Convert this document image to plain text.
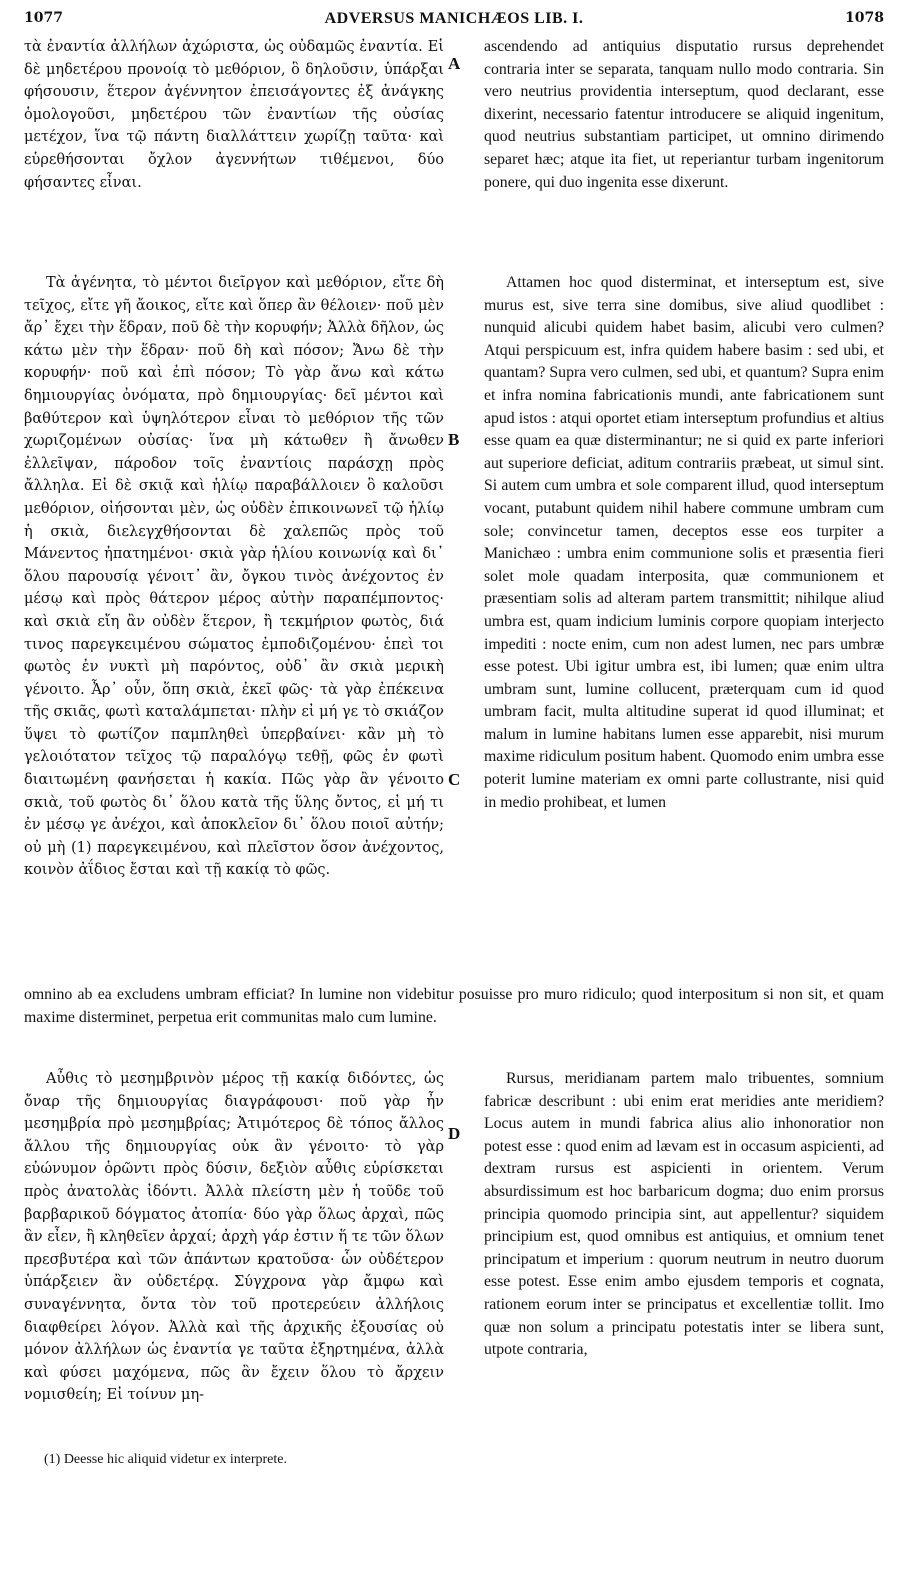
1077	ADVERSUS MANICHÆOS LIB. I.	1078

τὰ ἐναντία ἀλλήλων ἀχώριστα, ὡς οὐδαμῶς ἐναντία. Εἰ δὲ μηδετέρου προνοίᾳ τὸ μεθόριον, ὃ δηλοῦσιν, ὑπάρξαι φήσουσιν, ἕτερον ἀγέννητον ἐπεισάγοντες ἐξ ἀνάγκης ὁμολογοῦσι, μηδετέρου τῶν ἐναντίων τῆς οὐσίας μετέχον, ἵνα τῷ πάντη διαλλάττειν χωρίζῃ ταῦτα· καὶ εὑρεθήσονται ὄχλον ἀγεννήτων τιθέμενοι, δύο φήσαντες εἶναι.

ascendendo ad antiquius disputatio rursus deprehendet contraria inter se separata, tanquam nullo modo contraria. Sin vero neutrius providentia interseptum, quod declarant, esse dixerint, necessario fatentur introducere se aliquid ingenitum, quod neutrius substantiam participet, ut omnino dirimendo separet hæc; atque ita fiet, ut reperiantur turbam ingenitorum ponere, qui duo ingenita esse dixerunt.

Τὰ ἀγένητα, τὸ μέντοι διεῖργον καὶ μεθόριον, εἴτε δὴ τεῖχος, εἴτε γῆ ἄοικος, εἴτε καὶ ὅπερ ἂν θέλοιεν· ποῦ μὲν ἄρ᾽ ἔχει τὴν ἕδραν, ποῦ δὲ τὴν κορυφήν; Ἀλλὰ δῆλον, ὡς κάτω μὲν τὴν ἕδραν· ποῦ δὴ καὶ πόσον; Ἄνω δὲ τὴν κορυφήν· ποῦ καὶ ἐπὶ πόσον; Τὸ γὰρ ἄνω καὶ κάτω δημιουργίας ὀνόματα, πρὸ δημιουργίας· δεῖ μέντοι καὶ βαθύτερον καὶ ὑψηλότερον εἶναι τὸ μεθόριον τῆς τῶν χωριζομένων οὐσίας· ἵνα μὴ κάτωθεν ἢ ἄνωθεν ἐλλεῖψαν, πάροδον τοῖς ἐναντίοις παράσχῃ πρὸς ἄλληλα. Εἰ δὲ σκιᾷ καὶ ἡλίῳ παραβάλλοιεν ὃ καλοῦσι μεθόριον, οἰήσονται μὲν, ὡς οὐδὲν ἐπικοινωνεῖ τῷ ἡλίῳ ἡ σκιὰ, διελεγχθήσονται δὲ χαλεπῶς πρὸς τοῦ Μάνεντος ἠπατημένοι· σκιὰ γὰρ ἡλίου κοινωνίᾳ καὶ δι᾽ ὅλου παρουσίᾳ γένοιτ᾽ ἂν, ὄγκου τινὸς ἀνέχοντος ἐν μέσῳ καὶ πρὸς θάτερον μέρος αὐτὴν παραπέμποντος· καὶ σκιὰ εἴη ἂν οὐδὲν ἕτερον, ἢ τεκμήριον φωτὸς, διά τινος παρεγκειμένου σώματος ἐμποδιζομένου· ἐπεὶ τοι φωτὸς ἐν νυκτὶ μὴ παρόντος, οὐδ᾽ ἂν σκιὰ μερικὴ γένοιτο. Ἆρ᾽ οὖν, ὅπη σκιὰ, ἐκεῖ φῶς· τὰ γὰρ ἐπέκεινα τῆς σκιᾶς, φωτὶ καταλάμπεται· πλὴν εἰ μή γε τὸ σκιάζον ὕψει τὸ φωτίζον παμπληθεὶ ὑπερβαίνει· κἂν μὴ τὸ γελοιότατον τεῖχος τῷ παραλόγῳ τεθῇ, φῶς ἐν φωτὶ διαιτωμένη φανήσεται ἡ κακία. Πῶς γὰρ ἂν γένοιτο σκιὰ, τοῦ φωτὸς δι᾽ ὅλου κατὰ τῆς ὕλης ὄντος, εἰ μή τι ἐν μέσῳ γε ἀνέχοι, καὶ ἀποκλεῖον δι᾽ ὅλου ποιοῖ αὐτήν; οὐ μὴ (1) παρεγκειμένου, καὶ πλεῖστον ὅσον ἀνέχοντος, κοινὸν ἀΐδιος ἔσται καὶ τῇ κακίᾳ τὸ φῶς.

Attamen hoc quod disterminat, et interseptum est, sive murus est, sive terra sine domibus, sive aliud quodlibet : nunquid alicubi quidem habet basim, alicubi vero culmen? Atqui perspicuum est, infra quidem habere basim : sed ubi, et quantam? Supra vero culmen, sed ubi, et quantum? Supra enim et infra nomina fabricationis mundi, ante fabricationem sunt apud istos : atqui oportet etiam interseptum profundius et altius esse quam ea quæ disterminantur; ne si quid ex parte inferiori aut superiore deficiat, aditum contrariis præbeat, ut simul sint. Si autem cum umbra et sole comparent illud, quod interseptum vocant, putabunt quidem nihil habere commune umbram cum sole; convincetur tamen, deceptos esse eos turpiter a Manichæo : umbra enim communione solis et præsentia fieri solet mole quadam interposita, quæ communionem et præsentiam solis ad alteram partem transmittit; nihilque aliud umbra est, quam indicium luminis corpore quopiam interjecto impediti : nocte enim, cum non adest lumen, nec pars umbræ esse potest. Ubi igitur umbra est, ibi lumen; quæ enim ultra umbram sunt, lumine collucent, præterquam cum id quod umbram facit, multa altitudine superat id quod illuminat; et malum in lumine habitans lumen esse apparebit, nisi murum maxime ridiculum positum habent. Quomodo enim umbra esse poterit lumine materiam ex omni parte collustrante, nisi quid in medio prohibeat, et lumen

omnino ab ea excludens umbram efficiat? In lumine non videbitur posuisse pro muro ridiculo; quod interpositum si non sit, et quam maxime disterminet, perpetua erit communitas malo cum lumine.

Αὖθις τὸ μεσημβρινὸν μέρος τῇ κακίᾳ διδόντες, ὡς ὄναρ τῆς δημιουργίας διαγράφουσι· ποῦ γὰρ ἦν μεσημβρία πρὸ μεσημβρίας; Ἀτιμότερος δὲ τόπος ἄλλος ἄλλου τῆς δημιουργίας οὐκ ἂν γένοιτο· τὸ γὰρ εὐώνυμον ὁρῶντι πρὸς δύσιν, δεξιὸν αὖθις εὑρίσκεται πρὸς ἀνατολὰς ἰδόντι. Ἀλλὰ πλείστη μὲν ἡ τοῦδε τοῦ βαρβαρικοῦ δόγματος ἀτοπία· δύο γὰρ ὅλως ἀρχαὶ, πῶς ἂν εἶεν, ἢ κληθεῖεν ἀρχαί; ἀρχὴ γάρ ἐστιν ἥ τε τῶν ὅλων πρεσβυτέρα καὶ τῶν ἁπάντων κρατοῦσα· ὧν οὐδέτερον ὑπάρξειεν ἂν οὐδετέρᾳ. Σύγχρονα γὰρ ἄμφω καὶ συναγέννητα, ὄντα τὸν τοῦ προτερεύειν ἀλλήλοις διαφθείρει λόγον. Ἀλλὰ καὶ τῆς ἀρχικῆς ἐξουσίας οὐ μόνον ἀλλήλων ὡς ἐναντία γε ταῦτα ἐξηρτημένα, ἀλλὰ καὶ φύσει μαχόμενα, πῶς ἂν ἔχειν ὅλου τὸ ἄρχειν νομισθείη; Εἰ τοίνυν μη-

Rursus, meridianam partem malo tribuentes, somnium fabricæ describunt : ubi enim erat meridies ante meridiem? Locus autem in mundi fabrica alius alio inhonoratior non potest esse : quod enim ad lævam est in occasum aspicienti, ad dextram rursus est aspicienti in orientem. Verum absurdissimum est hoc barbaricum dogma; duo enim prorsus principia quomodo principia sint, aut appellentur? siquidem principium est, quod omnibus est antiquius, et omnium tenet principatum et imperium : quorum neutrum in neutro duorum esse potest. Esse enim ambo ejusdem temporis et cognata, rationem eorum inter se principatus et excellentiæ tollit. Imo quæ non solum a principatu potestatis inter se libera sunt, utpote contraria,

A
B
C
D
(1) Deesse hic aliquid videtur ex interprete.
